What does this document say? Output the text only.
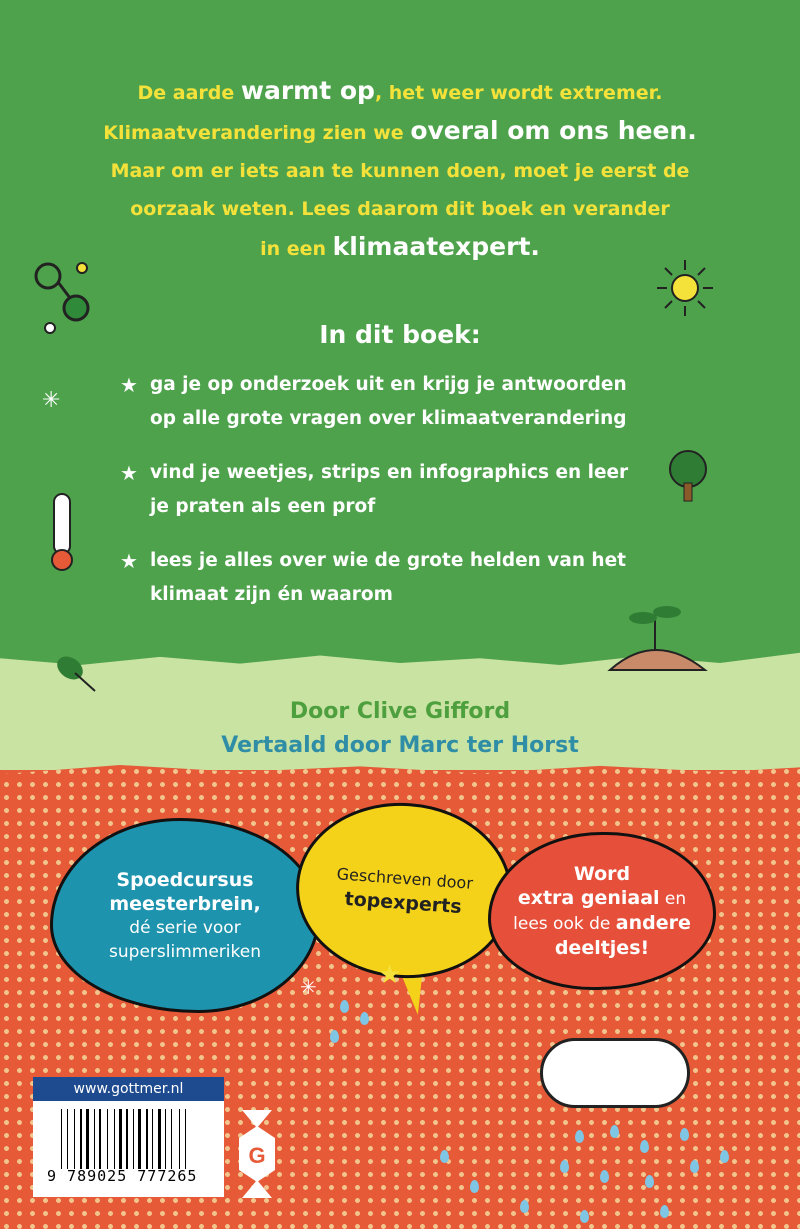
De aarde warmt op, het weer wordt extremer.
Klimaatverandering zien we overal om ons heen.
Maar om er iets aan te kunnen doen, moet je eerst de
oorzaak weten. Lees daarom dit boek en verander
in een klimaatexpert.
In dit boek:
★ ga je op onderzoek uit en krijg je antwoorden
op alle grote vragen over klimaatverandering
★ vind je weetjes, strips en infographics en leer
je praten als een prof
★ lees je alles over wie de grote helden van het
klimaat zijn én waarom
✳
Door Clive Gifford
Vertaald door Marc ter Horst
Spoedcursus
meesterbrein,
dé serie voor
superslimmeriken
Geschreven door
topexperts
Word
extra geniaal en
lees ook de andere
deeltjes!
★
✳
www.gottmer.nl
9 789025 777265
G
